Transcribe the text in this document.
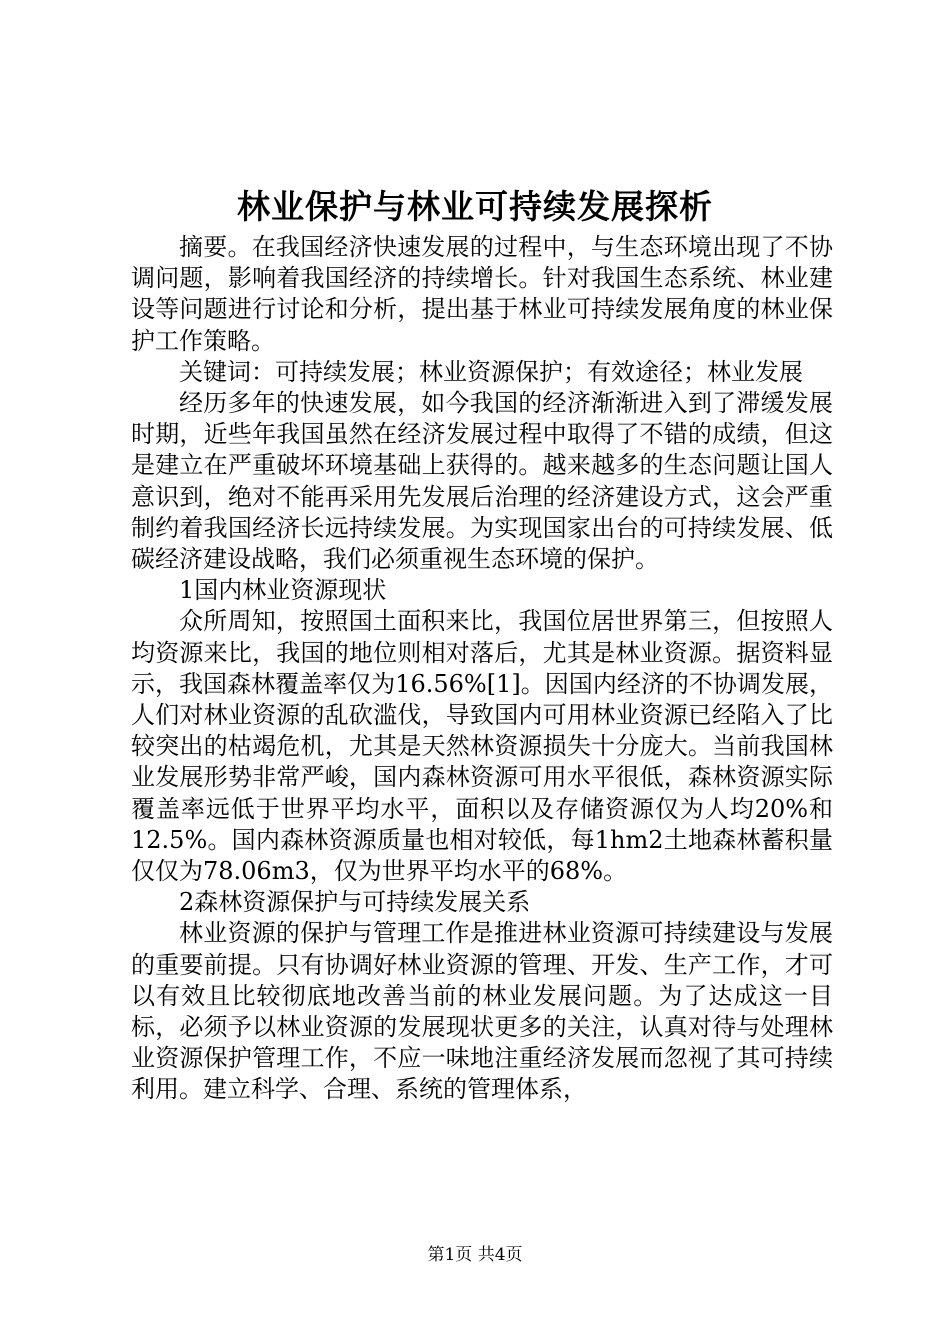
林业保护与林业可持续发展探析

摘要。在我国经济快速发展的过程中，与生态环境出现了不协调问题，影响着我国经济的持续增长。针对我国生态系统、林业建设等问题进行讨论和分析，提出基于林业可持续发展角度的林业保护工作策略。

关键词：可持续发展；林业资源保护；有效途径；林业发展

经历多年的快速发展，如今我国的经济渐渐进入到了滞缓发展时期，近些年我国虽然在经济发展过程中取得了不错的成绩，但这是建立在严重破坏环境基础上获得的。越来越多的生态问题让国人意识到，绝对不能再采用先发展后治理的经济建设方式，这会严重制约着我国经济长远持续发展。为实现国家出台的可持续发展、低碳经济建设战略，我们必须重视生态环境的保护。

1国内林业资源现状

众所周知，按照国土面积来比，我国位居世界第三，但按照人均资源来比，我国的地位则相对落后，尤其是林业资源。据资料显示，我国森林覆盖率仅为16.56%[1]。因国内经济的不协调发展，人们对林业资源的乱砍滥伐，导致国内可用林业资源已经陷入了比较突出的枯竭危机，尤其是天然林资源损失十分庞大。当前我国林业发展形势非常严峻，国内森林资源可用水平很低，森林资源实际覆盖率远低于世界平均水平，面积以及存储资源仅为人均20%和12.5%。国内森林资源质量也相对较低，每1hm2土地森林蓄积量仅仅为78.06m3，仅为世界平均水平的68%。

2森林资源保护与可持续发展关系

林业资源的保护与管理工作是推进林业资源可持续建设与发展的重要前提。只有协调好林业资源的管理、开发、生产工作，才可以有效且比较彻底地改善当前的林业发展问题。为了达成这一目标，必须予以林业资源的发展现状更多的关注，认真对待与处理林业资源保护管理工作，不应一味地注重经济发展而忽视了其可持续利用。建立科学、合理、系统的管理体系，

第1页 共4页
